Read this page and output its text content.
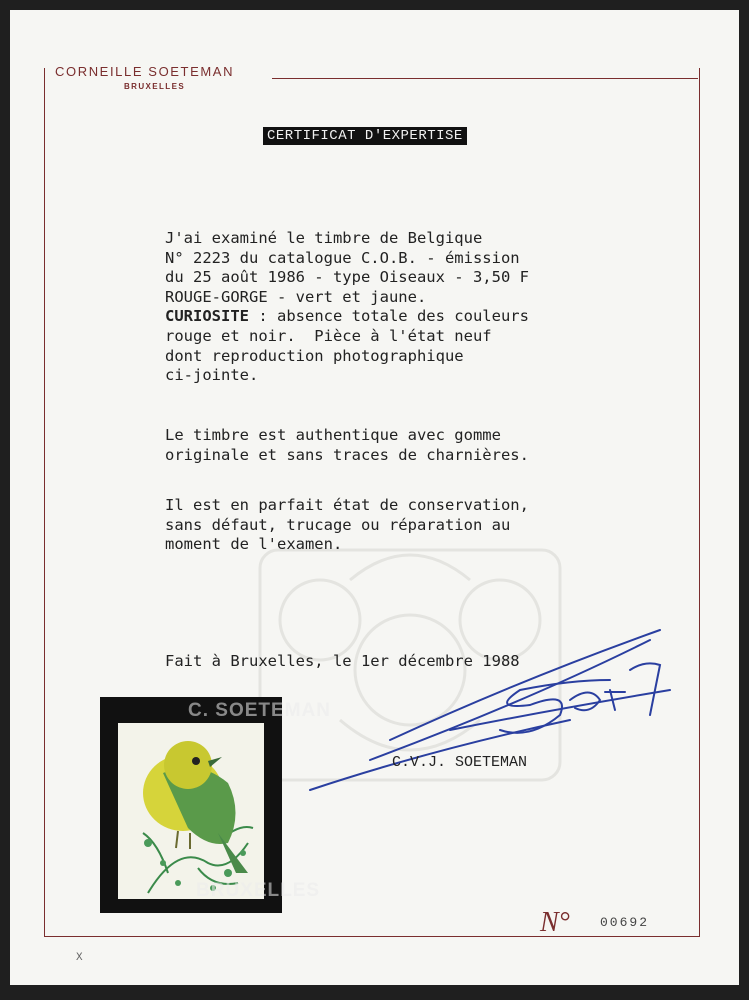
CORNEILLE SOETEMAN
BRUXELLES
CERTIFICAT D'EXPERTISE
J'ai examiné le timbre de Belgique
N° 2223 du catalogue C.O.B. - émission
du 25 août 1986 - type Oiseaux - 3,50 F
ROUGE-GORGE - vert et jaune.
CURIOSITE : absence totale des couleurs
rouge et noir.  Pièce à l'état neuf
dont reproduction photographique
ci-jointe.
Le timbre est authentique avec gomme
originale et sans traces de charnières.
Il est en parfait état de conservation,
sans défaut, trucage ou réparation au
moment de l'examen.
Fait à Bruxelles, le 1er décembre 1988
C. SOETEMAN
BRUXELLES
C.V.J. SOETEMAN
N° 00692
X
